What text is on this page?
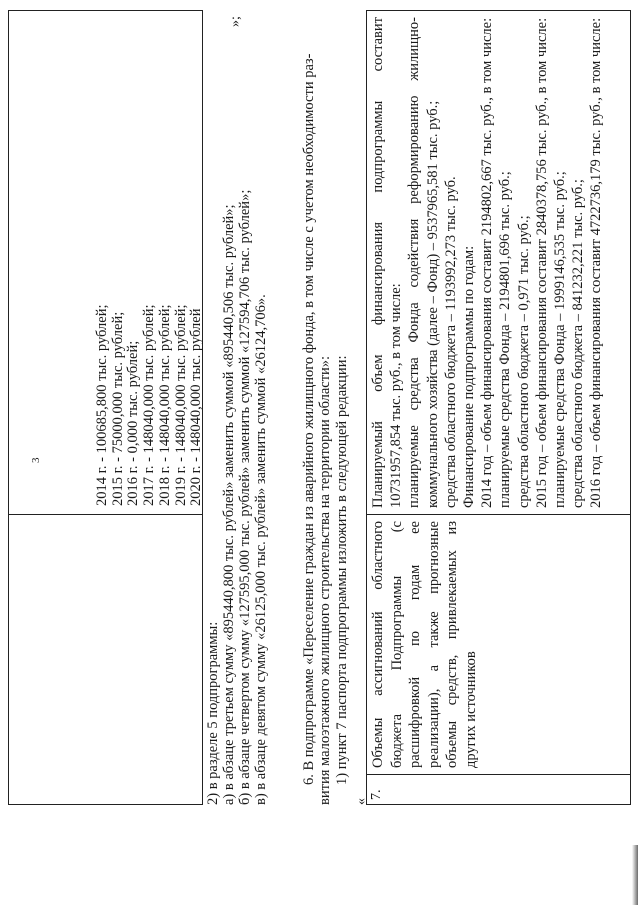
3	2014 г. - 100685,800 тыс. рублей; 2015 г. - 75000,000 тыс. рублей; 2016 г. - 0,000 тыс. рублей; 2017 г. - 148040,000 тыс. рублей; 2018 г. - 148040,000 тыс. рублей; 2019 г. - 148040,000 тыс. рублей; 2020 г. - 148040,000 тыс. рублей
»;
2) в разделе 5 подпрограммы: а) в абзаце третьем сумму «895440,800 тыс. рублей» заменить суммой «895440,506 тыс. рублей»; б) в абзаце четвертом сумму «127595,000 тыс. рублей» заменить суммой «127594,706 тыс. рублей»; в) в абзаце девятом сумму «26125,000 тыс. рублей» заменить суммой «26124,706». 6. В подпрограмме «Переселение граждан из аварийного жилищного фонда, в том числе с учетом необходимости раз- вития малоэтажного жилищного строительства на территории области»: 1) пункт 7 паспорта подпрограммы изложить в следующей редакции:
«
7.
Объемы ассигнований областного бюджета Подпрограммы (с расшифровкой по годам ее реализации), а также прогнозные объемы средств, привлекаемых из других источников
Планируемый объем финансирования подпрограммы составит 10731957,854 тыс. руб., в том числе: планируемые средства Фонда содействия реформированию жилищно- коммунального хозяйства (далее – Фонд) – 9537965,581 тыс. руб.; средства областного бюджета – 1193992,273 тыс. руб. Финансирование подпрограммы по годам: 2014 год – объем финансирования составит 2194802,667 тыс. руб., в том числе: планируемые средства Фонда – 2194801,696 тыс. руб.; средства областного бюджета – 0,971 тыс. руб.; 2015 год – объем финансирования составит 2840378,756 тыс. руб., в том числе: планируемые средства Фонда – 1999146,535 тыс. руб.; средства областного бюджета – 841232,221 тыс. руб.; 2016 год – объем финансирования составит 4722736,179 тыс. руб., в том числе:
